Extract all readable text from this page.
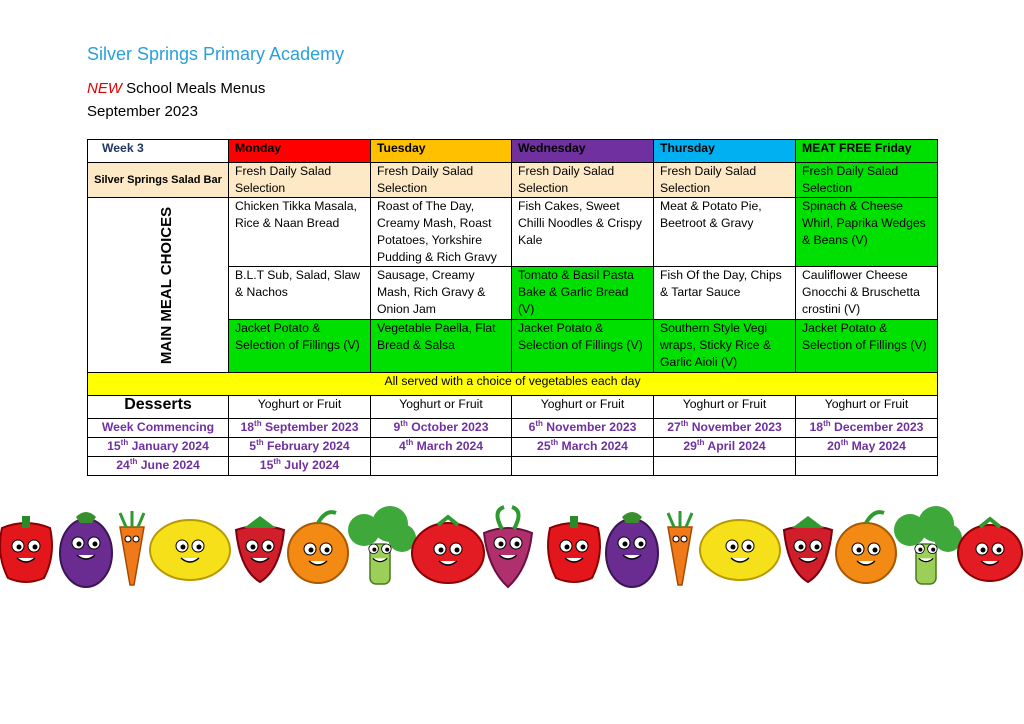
Silver Springs Primary Academy
NEW School Meals Menus
September 2023
Week 3	Monday	Tuesday	Wednesday	Thursday	MEAT FREE Friday
Silver Springs Salad Bar	Fresh Daily Salad Selection	Fresh Daily Salad Selection	Fresh Daily Salad Selection	Fresh Daily Salad Selection	Fresh Daily Salad Selection
MAIN MEAL CHOICES	Chicken Tikka Masala, Rice & Naan Bread	Roast of The Day, Creamy Mash, Roast Potatoes, Yorkshire Pudding & Rich Gravy	Fish Cakes, Sweet Chilli Noodles & Crispy Kale	Meat & Potato Pie, Beetroot & Gravy	Spinach & Cheese Whirl, Paprika Wedges & Beans (V)
	B.L.T Sub, Salad, Slaw & Nachos	Sausage, Creamy Mash, Rich Gravy & Onion Jam	Tomato & Basil Pasta Bake & Garlic Bread (V)	Fish Of the Day, Chips & Tartar Sauce	Cauliflower Cheese Gnocchi & Bruschetta crostini (V)
	Jacket Potato & Selection of Fillings (V)	Vegetable Paella, Flat Bread & Salsa	Jacket Potato & Selection of Fillings (V)	Southern Style Vegi wraps, Sticky Rice & Garlic Aioli (V)	Jacket Potato & Selection of Fillings (V)
All served with a choice of vegetables each day					
Desserts	Yoghurt or Fruit	Yoghurt or Fruit	Yoghurt or Fruit	Yoghurt or Fruit	Yoghurt or Fruit
Week Commencing	18th September 2023	9th October 2023	6th November 2023	27th November 2023	18th December 2023
15th January 2024	5th February 2024	4th March 2024	25th March 2024	29th April 2024	20th May 2024
24th June 2024	15th July 2024				
